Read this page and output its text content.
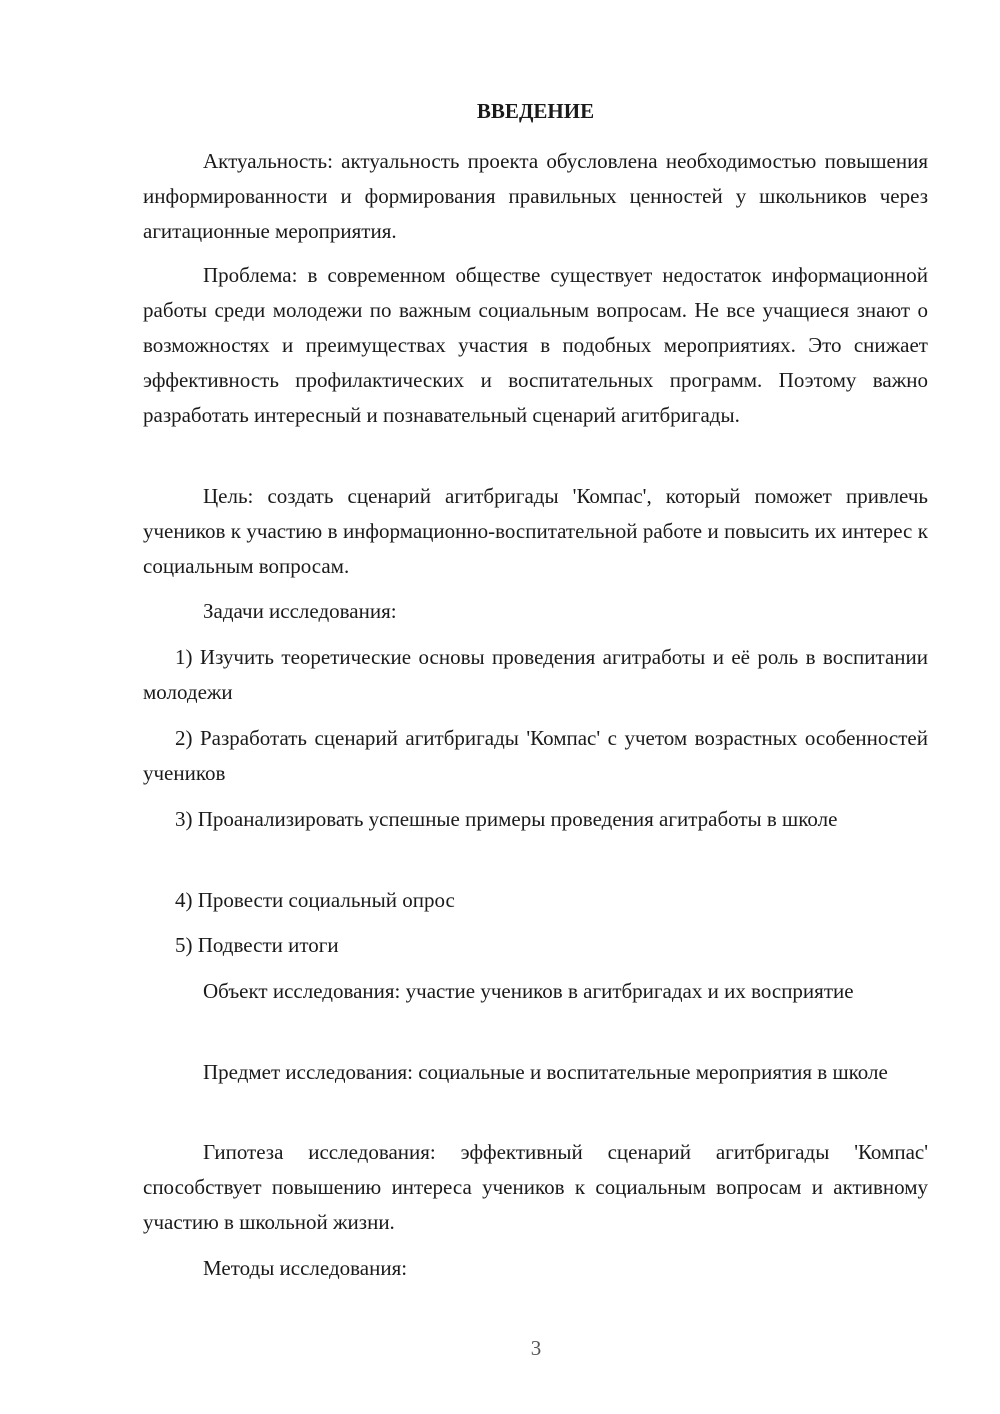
ВВЕДЕНИЕ

Актуальность: актуальность проекта обусловлена необходимостью повышения информированности и формирования правильных ценностей у школьников через агитационные мероприятия.

Проблема: в современном обществе существует недостаток информационной работы среди молодежи по важным социальным вопросам. Не все учащиеся знают о возможностях и преимуществах участия в подобных мероприятиях. Это снижает эффективность профилактических и воспитательных программ. Поэтому важно разработать интересный и познавательный сценарий агитбригады.

Цель: создать сценарий агитбригады 'Компас', который поможет привлечь учеников к участию в информационно-воспитательной работе и повысить их интерес к социальным вопросам.

Задачи исследования:

1) Изучить теоретические основы проведения агитработы и её роль в воспитании молодежи

2) Разработать сценарий агитбригады 'Компас' с учетом возрастных особенностей учеников

3) Проанализировать успешные примеры проведения агитработы в школе

4) Провести социальный опрос

5) Подвести итоги

Объект исследования: участие учеников в агитбригадах и их восприятие

Предмет исследования: социальные и воспитательные мероприятия в школе

Гипотеза исследования: эффективный сценарий агитбригады 'Компас' способствует повышению интереса учеников к социальным вопросам и активному участию в школьной жизни.

Методы исследования:

3
